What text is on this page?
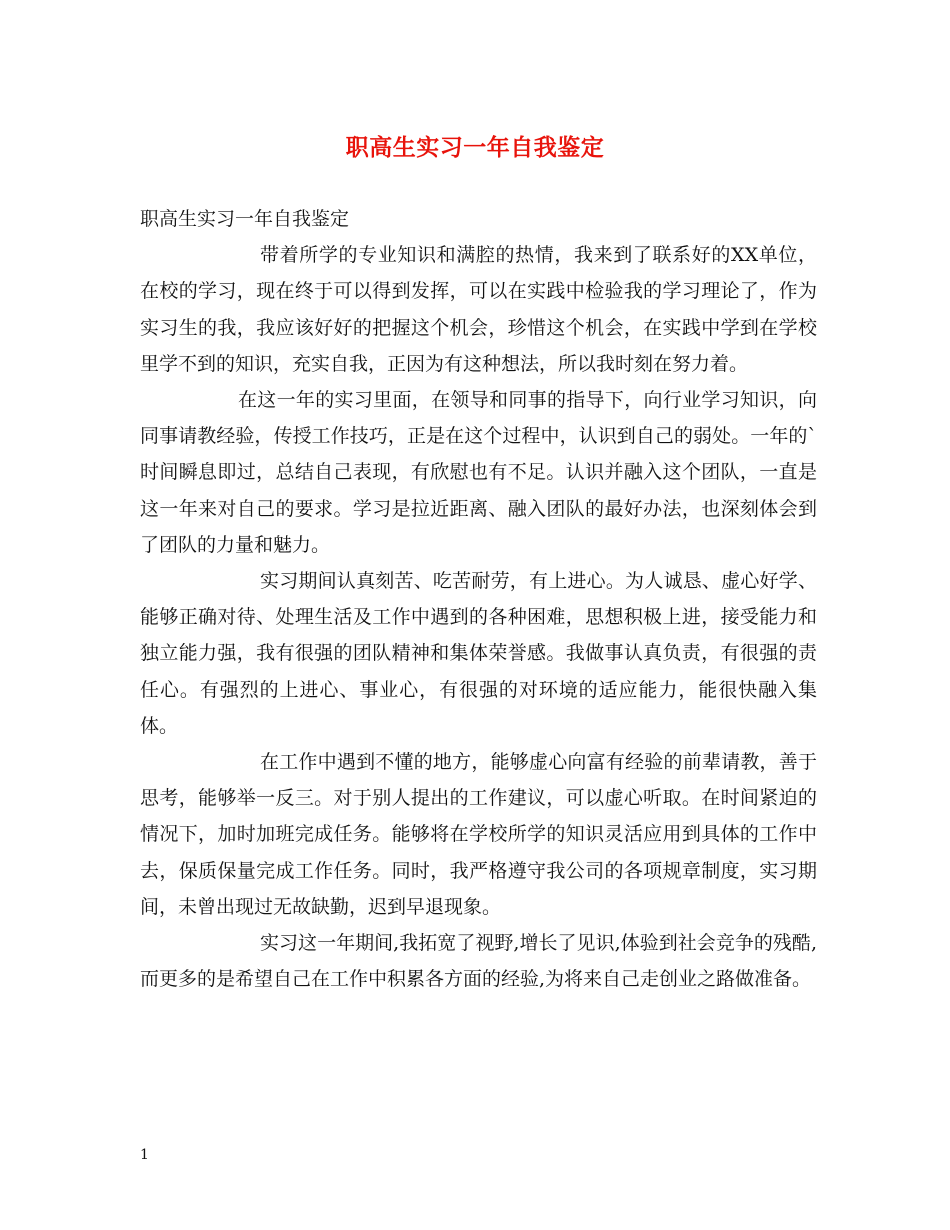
职高生实习一年自我鉴定

职高生实习一年自我鉴定

带着所学的专业知识和满腔的热情，我来到了联系好的XX单位，在校的学习，现在终于可以得到发挥，可以在实践中检验我的学习理论了，作为实习生的我，我应该好好的把握这个机会，珍惜这个机会，在实践中学到在学校里学不到的知识，充实自我，正因为有这种想法，所以我时刻在努力着。

在这一年的实习里面，在领导和同事的指导下，向行业学习知识，向同事请教经验，传授工作技巧，正是在这个过程中，认识到自己的弱处。一年的`时间瞬息即过，总结自己表现，有欣慰也有不足。认识并融入这个团队，一直是这一年来对自己的要求。学习是拉近距离、融入团队的最好办法，也深刻体会到了团队的力量和魅力。

实习期间认真刻苦、吃苦耐劳，有上进心。为人诚恳、虚心好学、能够正确对待、处理生活及工作中遇到的各种困难，思想积极上进，接受能力和独立能力强，我有很强的团队精神和集体荣誉感。我做事认真负责，有很强的责任心。有强烈的上进心、事业心，有很强的对环境的适应能力，能很快融入集体。

在工作中遇到不懂的地方，能够虚心向富有经验的前辈请教，善于思考，能够举一反三。对于别人提出的工作建议，可以虚心听取。在时间紧迫的情况下，加时加班完成任务。能够将在学校所学的知识灵活应用到具体的工作中去，保质保量完成工作任务。同时，我严格遵守我公司的各项规章制度，实习期间，未曾出现过无故缺勤，迟到早退现象。

实习这一年期间,我拓宽了视野,增长了见识,体验到社会竞争的残酷,而更多的是希望自己在工作中积累各方面的经验,为将来自己走创业之路做准备。

1
